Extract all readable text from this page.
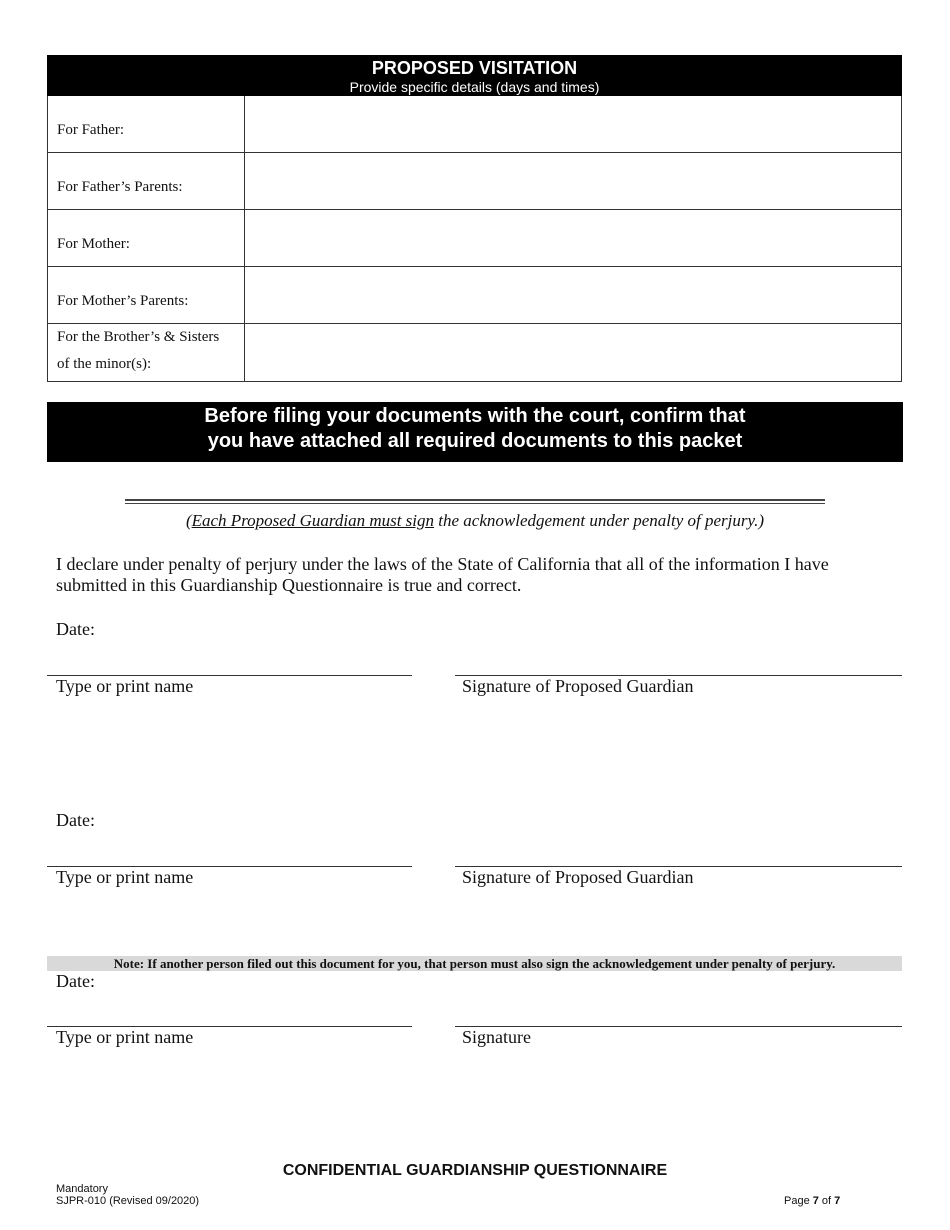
PROPOSED VISITATION
Provide specific details (days and times)
For Father:
For Father’s Parents:
For Mother:
For Mother’s Parents:
For the Brother’s & Sisters
of the minor(s):
Before filing your documents with the court, confirm that
you have attached all required documents to this packet
(Each Proposed Guardian must sign the acknowledgement under penalty of perjury.)
I declare under penalty of perjury under the laws of the State of California that all of the information I have submitted in this Guardianship Questionnaire is true and correct.
Date:
Type or print name	Signature of Proposed Guardian
Date:
Type or print name	Signature of Proposed Guardian
Note: If another person filed out this document for you, that person must also sign the acknowledgement under penalty of perjury.
Date:
Type or print name	Signature
CONFIDENTIAL GUARDIANSHIP QUESTIONNAIRE
Mandatory
SJPR-010 (Revised 09/2020)	Page 7 of 7
